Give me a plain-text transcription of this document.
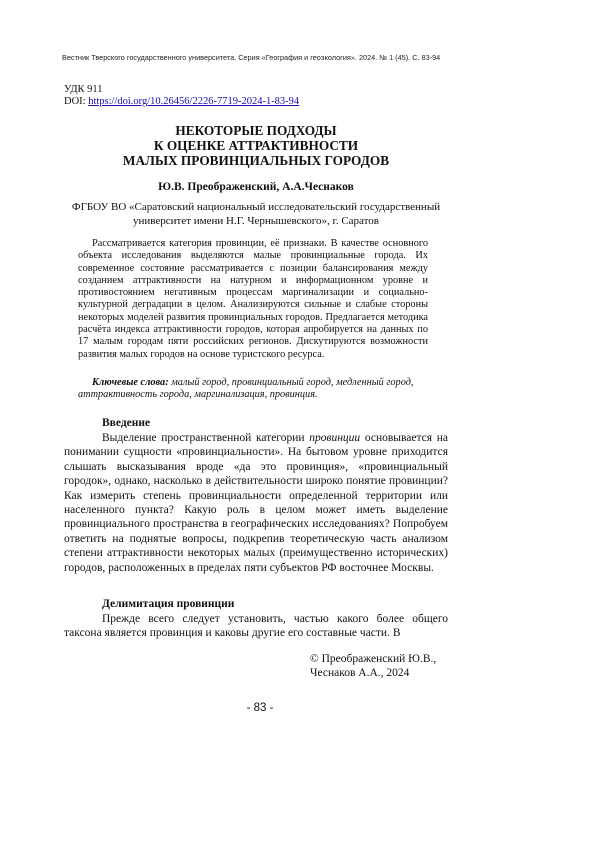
Вестник Тверского государственного университета. Серия «География и геоэкология». 2024. № 1 (45). С. 83-94
УДК 911
DOI: https://doi.org/10.26456/2226-7719-2024-1-83-94
НЕКОТОРЫЕ ПОДХОДЫ
К ОЦЕНКЕ АТТРАКТИВНОСТИ
МАЛЫХ ПРОВИНЦИАЛЬНЫХ ГОРОДОВ
Ю.В. Преображенский, А.А.Чеснаков
ФГБОУ ВО «Саратовский национальный исследовательский государственный
университет имени Н.Г. Чернышевского», г. Саратов

Рассматривается категория провинции, её признаки. В качестве основного объекта исследования выделяются малые провинциальные города. Их современное состояние рассматривается с позиции балансирования между созданием аттрактивности на натурном и информационном уровне и противостоянием негативным процессам маргинализации и социально-культурной деградации в целом. Анализируются сильные и слабые стороны некоторых моделей развития провинциальных городов. Предлагается методика расчёта индекса аттрактивности городов, которая апробируется на данных по 17 малым городам пяти российских регионов. Дискутируются возможности развития малых городов на основе туристского ресурса.

Ключевые слова: малый город, провинциальный город, медленный город, аттрактивность города, маргинализация, провинция.

Введение

Выделение пространственной категории провинции основывается на понимании сущности «провинциальности». На бытовом уровне приходится слышать высказывания вроде «да это провинция», «провинциальный городок», однако, насколько в действительности широко понятие провинции? Как измерить степень провинциальности определенной территории или населенного пункта? Какую роль в целом может иметь выделение провинциального пространства в географических исследованиях? Попробуем ответить на поднятые вопросы, подкрепив теоретическую часть анализом степени аттрактивности некоторых малых (преимущественно исторических) городов, расположенных в пределах пяти субъектов РФ восточнее Москвы.

Делимитация провинции

Прежде всего следует установить, частью какого более общего таксона является провинция и каковы другие его составные части. В

© Преображенский Ю.В.,
Чеснаков А.А., 2024
- 83 -
